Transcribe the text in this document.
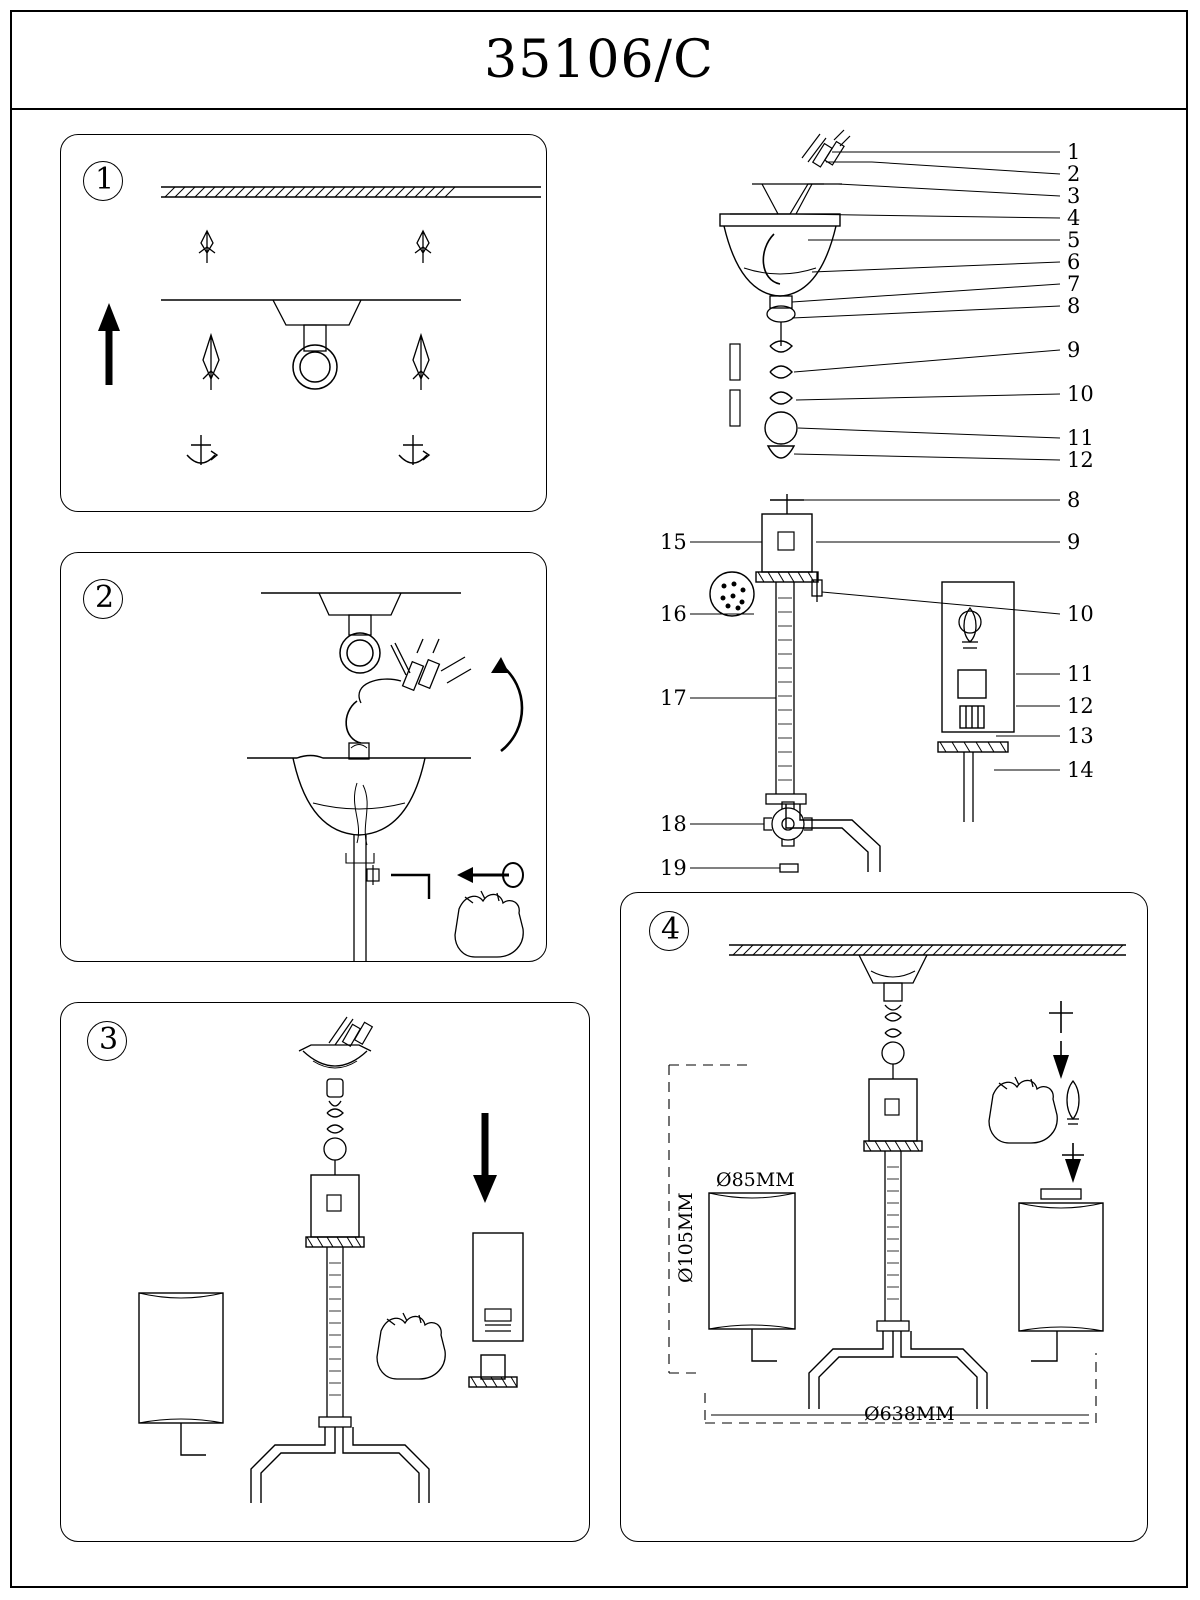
35106/C
1
2
3
4
Ø85MM
Ø105MM
Ø638MM
1
2
3
4
5
6
7
8
9
10
11
12
8
9
10
11
12
13
14
15
16
17
18
19
